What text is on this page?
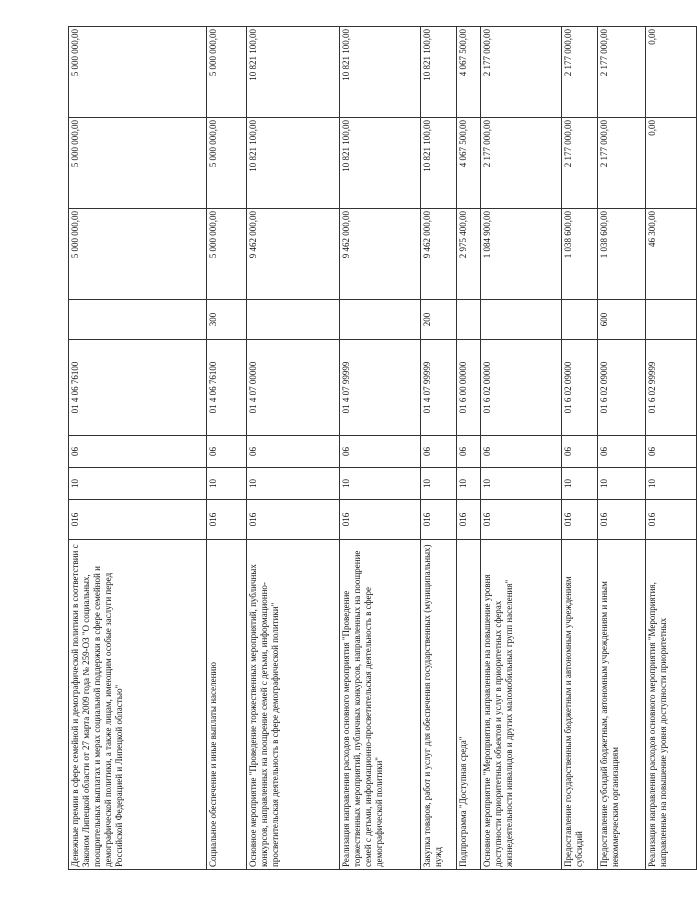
Денежные премии в сфере семейной и демографической политики в соответствии с Законом Липецкой области от 27 марта 2009 года № 259-ОЗ "О социальных, поощрительных выплатах и мерах социальной поддержки в сфере семейной и демографической политики, а также лицам, имеющим особые заслуги перед Российской Федерацией и Липецкой областью"	016	10	06	01 4 06 76100		5 000 000,00	5 000 000,00	5 000 000,00
Социальное обеспечение и иные выплаты населению	016	10	06	01 4 06 76100	300	5 000 000,00	5 000 000,00	5 000 000,00
Основное мероприятие "Проведение торжественных мероприятий, публичных конкурсов, направленных на поощрение семей с детьми, информационно-просветительская деятельность в сфере демографической политики"	016	10	06	01 4 07 00000		9 462 000,00	10 821 100,00	10 821 100,00
Реализация направления расходов основного мероприятия "Проведение торжественных мероприятий, публичных конкурсов, направленных на поощрение семей с детьми, информационно-просветительская деятельность в сфере демографической политики"	016	10	06	01 4 07 99999		9 462 000,00	10 821 100,00	10 821 100,00
Закупка товаров, работ и услуг для обеспечения государственных (муниципальных) нужд	016	10	06	01 4 07 99999	200	9 462 000,00	10 821 100,00	10 821 100,00
Подпрограмма "Доступная среда"	016	10	06	01 6 00 00000		2 975 400,00	4 067 500,00	4 067 500,00
Основное мероприятие "Мероприятия, направленные на повышение уровня доступности приоритетных объектов и услуг в приоритетных сферах жизнедеятельности инвалидов и других маломобильных групп населения"	016	10	06	01 6 02 00000		1 084 900,00	2 177 000,00	2 177 000,00
Предоставление государственным бюджетным и автономным учреждениям субсидий	016	10	06	01 6 02 09000		1 038 600,00	2 177 000,00	2 177 000,00
Предоставление субсидий бюджетным, автономным учреждениям и иным некоммерческим организациям	016	10	06	01 6 02 09000	600	1 038 600,00	2 177 000,00	2 177 000,00
Реализация направления расходов основного мероприятия "Мероприятия, направленные на повышение уровня доступности приоритетных	016	10	06	01 6 02 99999		46 300,00	0,00	0,00
